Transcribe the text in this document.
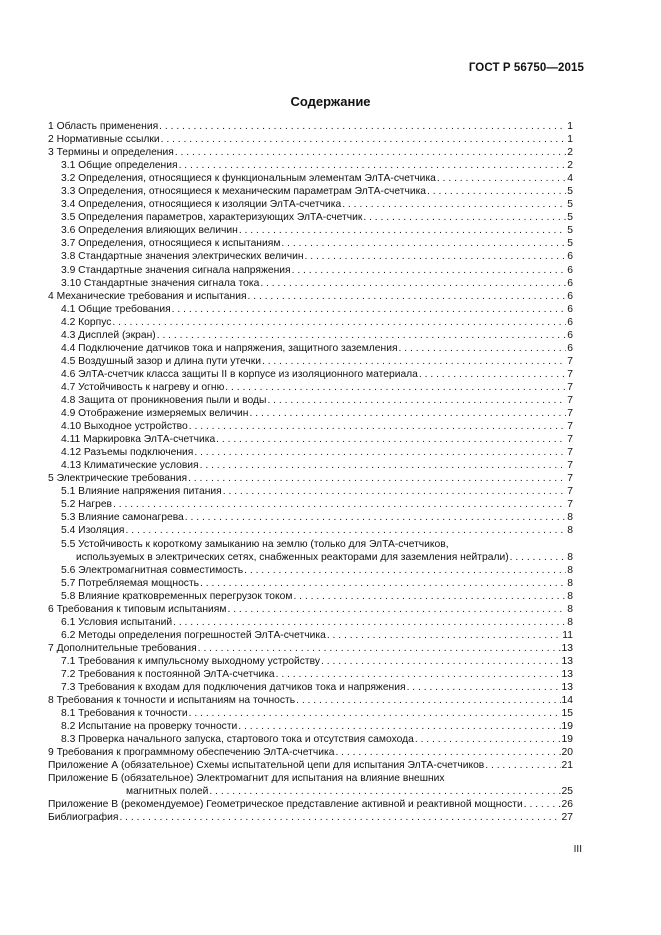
ГОСТ Р 56750—2015
Содержание
1 Область применения . . .	1
2 Нормативные ссылки . . .	1
3 Термины и определения . . .	2
3.1 Общие определения . . .	2
3.2 Определения, относящиеся к функциональным элементам ЭлТА-счетчика . . .	4
3.3 Определения, относящиеся к механическим параметрам ЭлТА-счетчика . . .	5
3.4 Определения, относящиеся к изоляции ЭлТА-счетчика . . .	5
3.5 Определения параметров, характеризующих ЭлТА-счетчик . . .	5
3.6 Определения влияющих величин . . .	5
3.7 Определения, относящиеся к испытаниям . . .	5
3.8 Стандартные значения электрических величин . . .	6
3.9 Стандартные значения сигнала напряжения . . .	6
3.10 Стандартные значения сигнала тока . . .	6
4 Механические требования и испытания . . .	6
4.1 Общие требования . . .	6
4.2 Корпус . . .	6
4.3 Дисплей (экран) . . .	6
4.4 Подключение датчиков тока и напряжения, защитного заземления . . .	6
4.5 Воздушный зазор и длина пути утечки . . .	7
4.6 ЭлТА-счетчик класса защиты II в корпусе из изоляционного материала . . .	7
4.7 Устойчивость к нагреву и огню . . .	7
4.8 Защита от проникновения пыли и воды . . .	7
4.9 Отображение измеряемых величин . . .	7
4.10 Выходное устройство . . .	7
4.11 Маркировка ЭлТА-счетчика . . .	7
4.12 Разъемы подключения . . .	7
4.13 Климатические условия . . .	7
5 Электрические требования . . .	7
5.1 Влияние напряжения питания . . .	7
5.2 Нагрев . . .	7
5.3 Влияние самонагрева . . .	8
5.4 Изоляция . . .	8
5.5 Устойчивость к короткому замыканию на землю (только для ЭлТА-счетчиков,
используемых в электрических сетях, снабженных реакторами для заземления нейтрали) . . .	8
5.6 Электромагнитная совместимость . . .	8
5.7 Потребляемая мощность . . .	8
5.8 Влияние кратковременных перегрузок током . . .	8
6 Требования к типовым испытаниям . . .	8
6.1 Условия испытаний . . .	8
6.2 Методы определения погрешностей ЭлТА-счетчика . . .	11
7 Дополнительные требования . . .	13
7.1 Требования к импульсному выходному устройству . . .	13
7.2 Требования к постоянной ЭлТА-счетчика . . .	13
7.3 Требования к входам для подключения датчиков тока и напряжения . . .	13
8 Требования к точности и испытаниям на точность . . .	14
8.1 Требования к точности . . .	15
8.2 Испытание на проверку точности . . .	19
8.3 Проверка начального запуска, стартового тока и отсутствия самохода . . .	19
9 Требования к программному обеспечению ЭлТА-счетчика . . .	20
Приложение А (обязательное) Схемы испытательной цепи для испытания ЭлТА-счетчиков . . .	21
Приложение Б (обязательное) Электромагнит для испытания на влияние внешних
магнитных полей . . .	25
Приложение В (рекомендуемое) Геометрическое представление активной и реактивной мощности . . .	26
Библиография . . .	27
III
